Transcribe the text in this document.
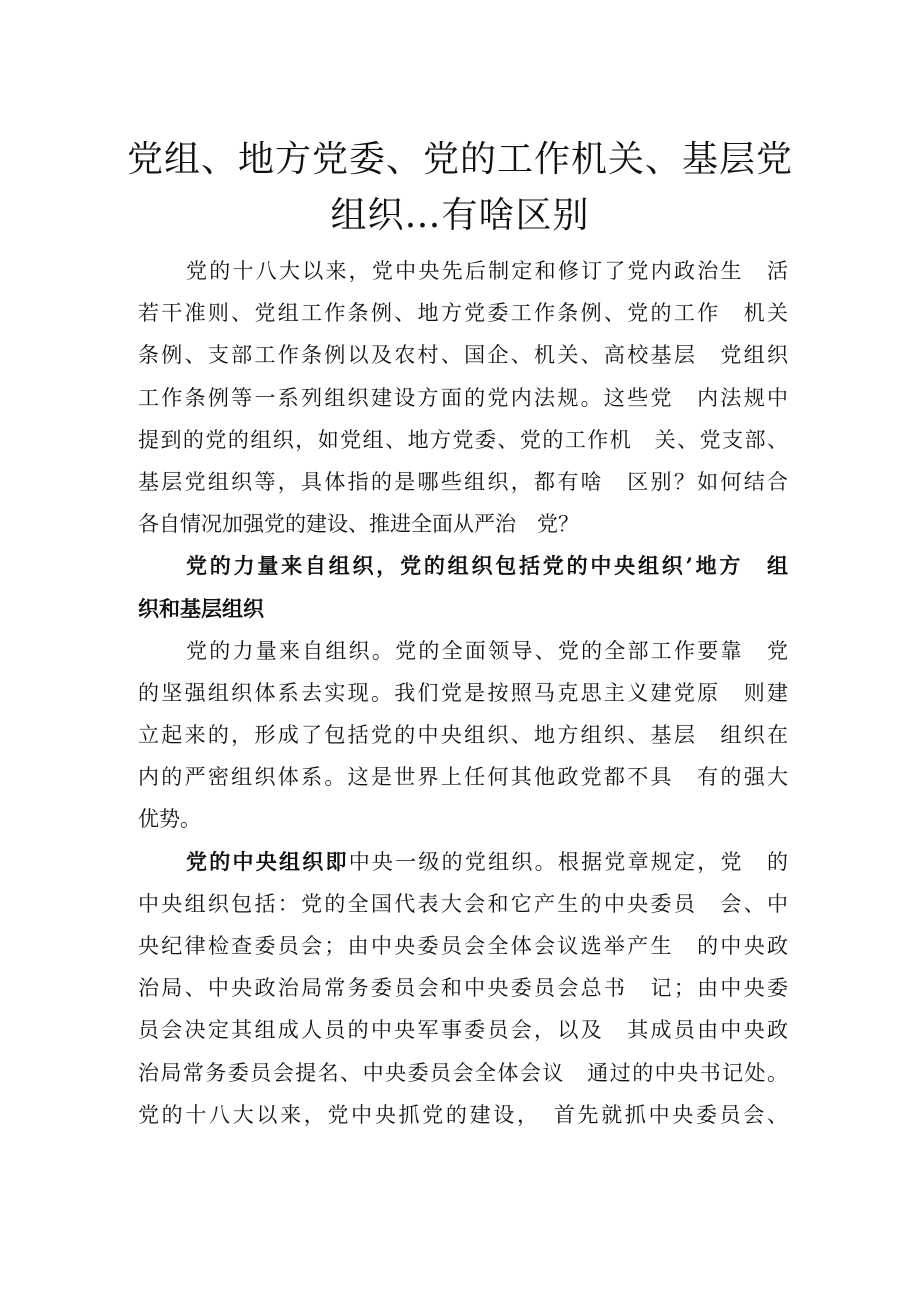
党组、地方党委、党的工作机关、基层党
组织…有啥区别
党的十八大以来，党中央先后制定和修订了党内政治生　活
若干准则、党组工作条例、地方党委工作条例、党的工作　机关
条例、支部工作条例以及农村、国企、机关、高校基层　党组织
工作条例等一系列组织建设方面的党内法规。这些党　内法规中
提到的党的组织，如党组、地方党委、党的工作机　关、党支部、
基层党组织等，具体指的是哪些组织，都有啥　区别？如何结合
各自情况加强党的建设、推进全面从严治　党？
党的力量来自组织，党的组织包括党的中央组织’地方　组
织和基层组织
党的力量来自组织。党的全面领导、党的全部工作要靠　党
的坚强组织体系去实现。我们党是按照马克思主义建党原　则建
立起来的，形成了包括党的中央组织、地方组织、基层　组织在
内的严密组织体系。这是世界上任何其他政党都不具　有的强大
优势。
党的中央组织即中央一级的党组织。根据党章规定，党　的
中央组织包括：党的全国代表大会和它产生的中央委员　会、中
央纪律检查委员会；由中央委员会全体会议选举产生　的中央政
治局、中央政治局常务委员会和中央委员会总书　记；由中央委
员会决定其组成人员的中央军事委员会，以及　其成员由中央政
治局常务委员会提名、中央委员会全体会议　通过的中央书记处。
党的十八大以来，党中央抓党的建设，　首先就抓中央委员会、
